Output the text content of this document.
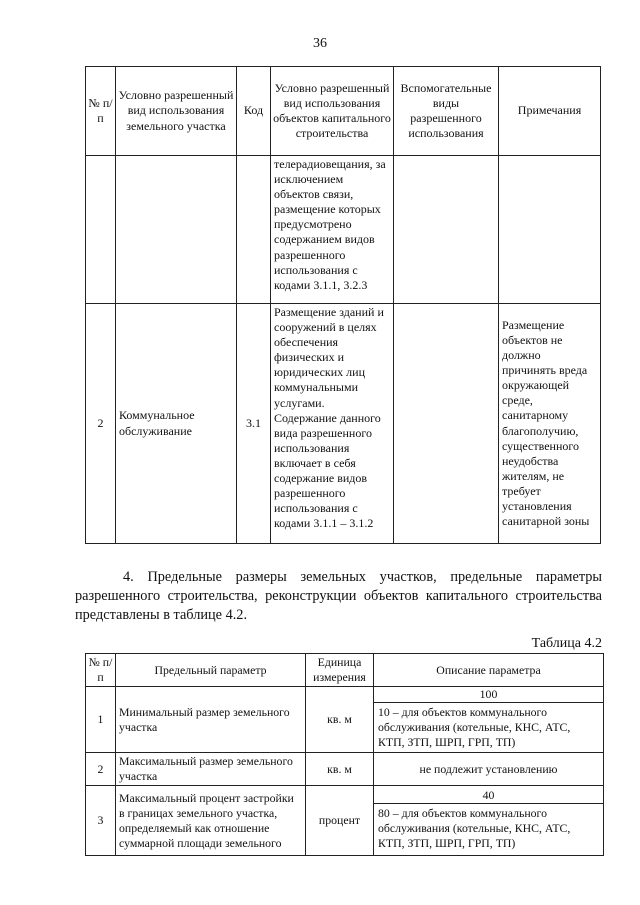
36
№ п/п	Условно разрешенный вид использования земельного участка	Код	Условно разрешенный вид использования объектов капитального строительства	Вспомогательные виды разрешенного использования	Примечания
			телерадиовещания, за исключением объектов связи, размещение которых предусмотрено содержанием видов разрешенного использования с кодами 3.1.1, 3.2.3		
2	Коммунальное обслуживание	3.1	Размещение зданий и сооружений в целях обеспечения физических и юридических лиц коммунальными услугами. Содержание данного вида разрешенного использования включает в себя содержание видов разрешенного использования с кодами 3.1.1 – 3.1.2		Размещение объектов не должно причинять вреда окружающей среде, санитарному благополучию, существенного неудобства жителям, не требует установления санитарной зоны

4. Предельные размеры земельных участков, предельные параметры разрешенного строительства, реконструкции объектов капитального строительства представлены в таблице 4.2.

Таблица 4.2
№ п/п	Предельный параметр	Единица измерения	Описание параметра
1	Минимальный размер земельного участка	кв. м	100
10 – для объектов коммунального обслуживания (котельные, КНС, АТС, КТП, ЗТП, ШРП, ГРП, ТП)

2	Максимальный размер земельного участка	кв. м	не подлежит установлению
3	Максимальный процент застройки в границах земельного участка, определяемый как отношение суммарной площади земельного	процент	40
80 – для объектов коммунального обслуживания (котельные, КНС, АТС, КТП, ЗТП, ШРП, ГРП, ТП)
